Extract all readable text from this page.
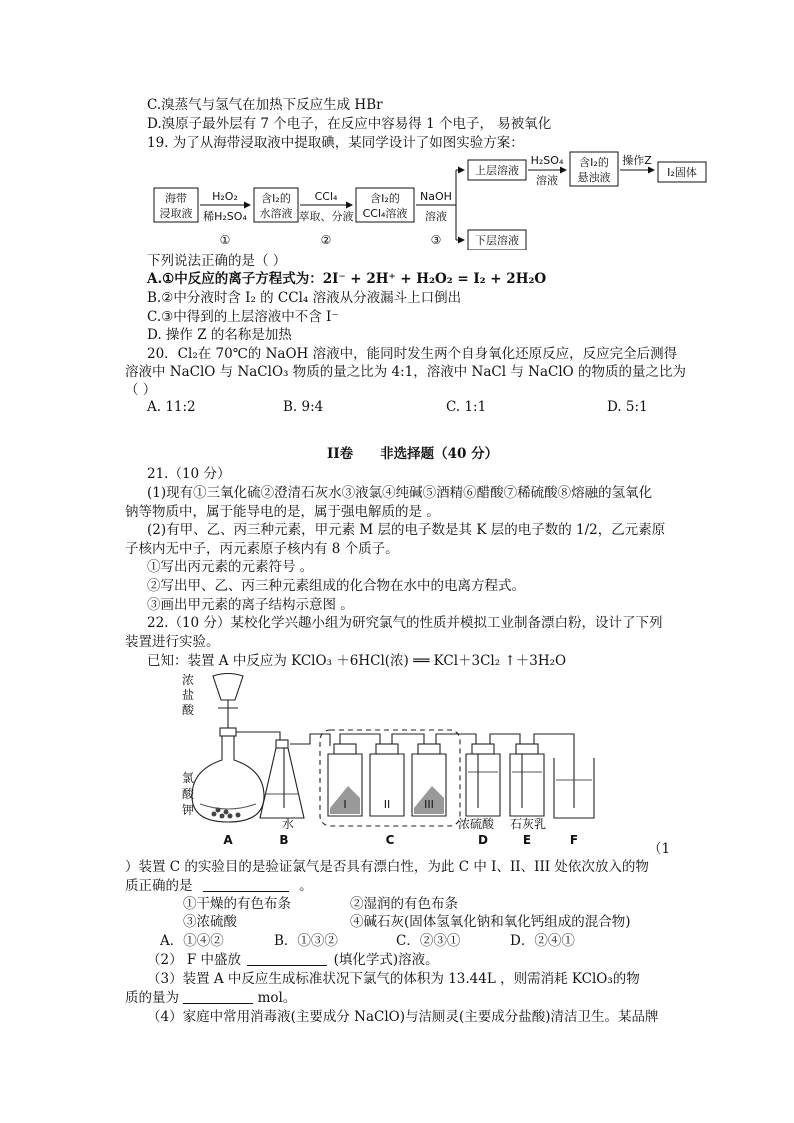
C.溴蒸气与氢气在加热下反应生成 HBr
D.溴原子最外层有 7 个电子，在反应中容易得 1 个电子， 易被氧化
19. 为了从海带浸取液中提取碘，某同学设计了如图实验方案：
海带
浸取液
H₂O₂
稀H₂SO₄
含I₂的
水溶液
CCl₄
萃取、分液
含I₂的
CCl₄溶液
NaOH
溶液
上层溶液
下层溶液
H₂SO₄
溶液
含I₂的
悬浊液
操作Z
I₂固体
①	②	③
下列说法正确的是（ ）
A.①中反应的离子方程式为：2I⁻ + 2H⁺ + H₂O₂ = I₂ + 2H₂O
B.②中分液时含 I₂ 的 CCl₄ 溶液从分液漏斗上口倒出
C.③中得到的上层溶液中不含 I⁻
D. 操作 Z 的名称是加热
20．Cl₂在 70℃的 NaOH 溶液中，能同时发生两个自身氧化还原反应，反应完全后测得
溶液中 NaClO 与 NaClO₃ 物质的量之比为 4:1，溶液中 NaCl 与 NaClO 的物质的量之比为
（ ）
A. 11:2	B. 9:4	C. 1:1	D. 5:1
II卷　　非选择题（40 分）
21.（10 分）
(1)现有①三氧化硫②澄清石灰水③液氯④纯碱⑤酒精⑥醋酸⑦稀硫酸⑧熔融的氢氧化
钠等物质中，属于能导电的是，属于强电解质的是 。
(2)有甲、乙、丙三种元素，甲元素 M 层的电子数是其 K 层的电子数的 1/2，乙元素原
子核内无中子，丙元素原子核内有 8 个质子。
①写出丙元素的元素符号 。
②写出甲、乙、丙三种元素组成的化合物在水中的电离方程式。
③画出甲元素的离子结构示意图 。
22.（10 分）某校化学兴趣小组为研究氯气的性质并模拟工业制备漂白粉，设计了下列
装置进行实验。
已知：装置 A 中反应为 KClO₃ ＋6HCl(浓) ══ KCl＋3Cl₂ ↑＋3H₂O
浓
盐
酸
氯
酸
钾
水	浓硫酸 石灰乳
I	II	III
A	B	C	D	E	F
（1
）装置 C 的实验目的是验证氯气是否具有漂白性，为此 C 中 I、II、III 处依次放入的物
质正确的是	。
①干燥的有色布条	②湿润的有色布条
③浓硫酸	④碱石灰(固体氢氧化钠和氧化钙组成的混合物)
A．①④②	B．①③②	C．②③①	D．②④①
（2） F 中盛放	(填化学式)溶液。
（3）装置 A 中反应生成标准状况下氯气的体积为 13.44L ，则需消耗 KClO₃的物
质的量为	mol。
（4）家庭中常用消毒液(主要成分 NaClO)与洁厕灵(主要成分盐酸)清洁卫生。某品牌
